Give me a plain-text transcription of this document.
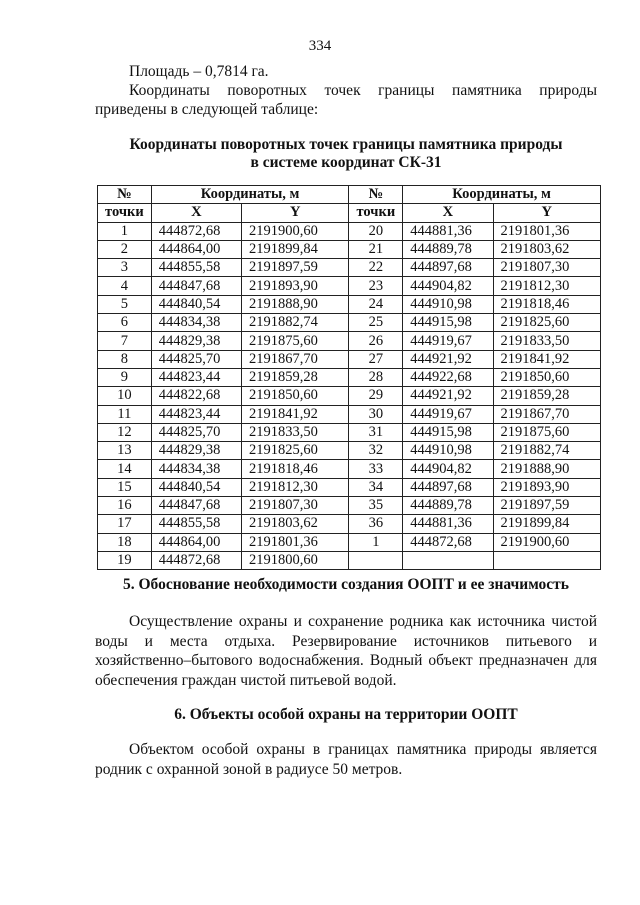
334
Площадь – 0,7814 га.
Координаты поворотных точек границы памятника природы приведены в следующей таблице:
Координаты поворотных точек границы памятника природы
в системе координат СК-31
№	Координаты, м		№	Координаты, м	
точки	X	Y	точки	X	Y
1	444872,68	2191900,60	20	444881,36	2191801,36
2	444864,00	2191899,84	21	444889,78	2191803,62
3	444855,58	2191897,59	22	444897,68	2191807,30
4	444847,68	2191893,90	23	444904,82	2191812,30
5	444840,54	2191888,90	24	444910,98	2191818,46
6	444834,38	2191882,74	25	444915,98	2191825,60
7	444829,38	2191875,60	26	444919,67	2191833,50
8	444825,70	2191867,70	27	444921,92	2191841,92
9	444823,44	2191859,28	28	444922,68	2191850,60
10	444822,68	2191850,60	29	444921,92	2191859,28
11	444823,44	2191841,92	30	444919,67	2191867,70
12	444825,70	2191833,50	31	444915,98	2191875,60
13	444829,38	2191825,60	32	444910,98	2191882,74
14	444834,38	2191818,46	33	444904,82	2191888,90
15	444840,54	2191812,30	34	444897,68	2191893,90
16	444847,68	2191807,30	35	444889,78	2191897,59
17	444855,58	2191803,62	36	444881,36	2191899,84
18	444864,00	2191801,36	1	444872,68	2191900,60
19	444872,68	2191800,60			
5. Обоснование необходимости создания ООПТ и ее значимость
Осуществление охраны и сохранение родника как источника чистой воды и места отдыха. Резервирование источников питьевого и хозяйственно–бытового водоснабжения. Водный объект предназначен для обеспечения граждан чистой питьевой водой.
6. Объекты особой охраны на территории ООПТ
Объектом особой охраны в границах памятника природы является родник с охранной зоной в радиусе 50 метров.
